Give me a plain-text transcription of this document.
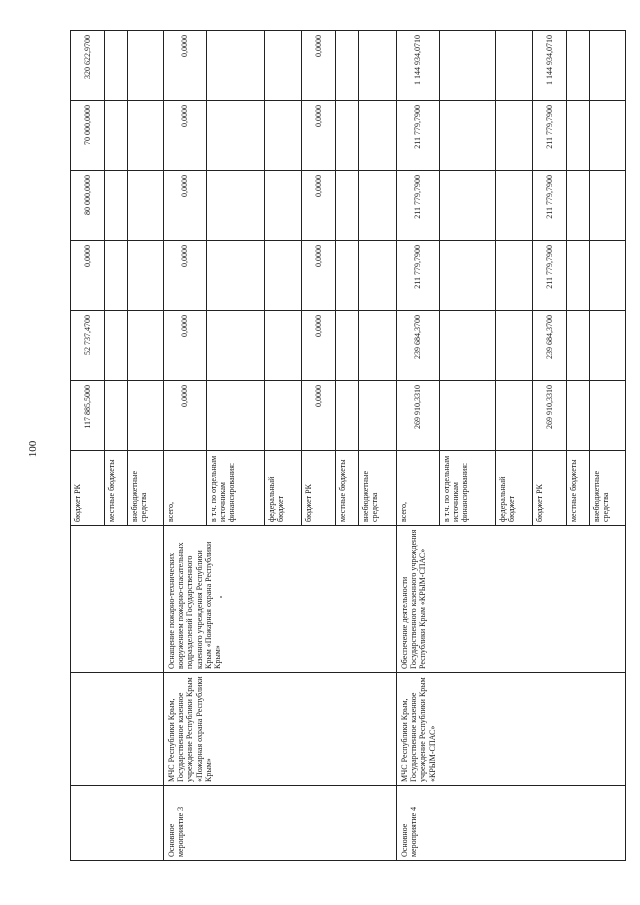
100
			бюджет РК	117 885,5000	52 737,4700	0,0000	80 000,0000	70 000,0000	320 622,9700
			местные бюджеты						
			внебюджетные средства						
Основное мероприятие 3	МЧС Республики Крым, Государственное казенное учреждение Республики Крым «Пожарная охрана Республики Крым»	Оснащение пожарно-технических вооружением пожарно-спасательных подразделений Государственного казенного учреждения Республики Крым «Пожарная охрана Республики Крым»	всего,	0,0000	0,0000	0,0000	0,0000	0,0000	0,0000
			в т.ч. по отдельным источникам финансирования:						
			федеральный бюджет						
			бюджет РК	0,0000	0,0000	0,0000	0,0000	0,0000	0,0000
			местные бюджеты						
			внебюджетные средства						
Основное мероприятие 4	МЧС Республики Крым, Государственное казенное учреждение Республики Крым «КРЫМ-СПАС»	Обеспечение деятельности Государственного казенного учреждения Республики Крым «КРЫМ-СПАС»	всего,	269 910,3310	239 684,3700	211 779,7900	211 779,7900	211 779,7900	1 144 934,0710
			в т.ч. по отдельным источникам финансирования:						
			федеральный бюджет						
			бюджет РК	269 910,3310	239 684,3700	211 779,7900	211 779,7900	211 779,7900	1 144 934,0710
			местные бюджеты						
			внебюджетные средства						
